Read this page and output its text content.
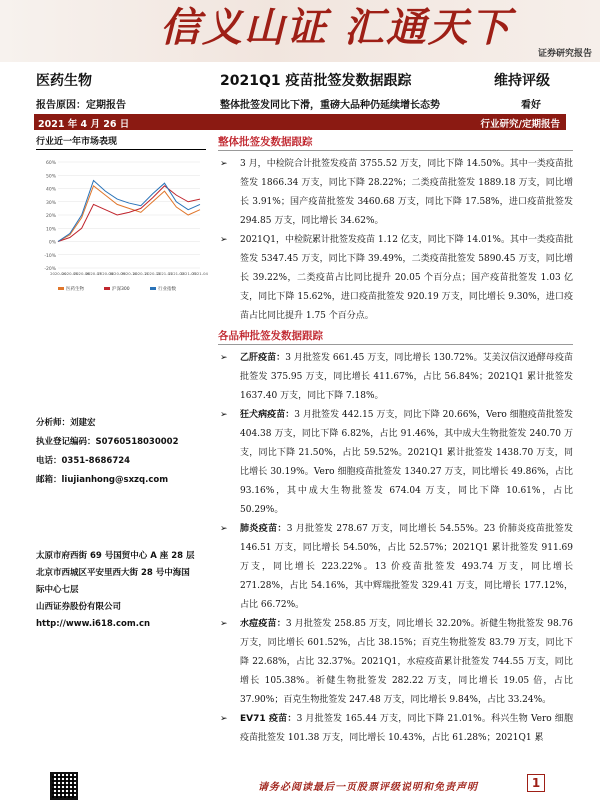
信义山证 汇通天下
证券研究报告
医药生物	2021Q1 疫苗批签发数据跟踪	维持评级
报告原因：定期报告	整体批签发同比下滑，重磅大品种仍延续增长态势	看好
2021 年 4 月 26 日	行业研究/定期报告
行业近一年市场表现
60%
50%
40%
30%
20%
10%
0%
-10%
-20%
2020-04
2020-05
2020-06
2020-07
2020-08
2020-09
2020-10
2020-11
2020-12
2021-01
2021-02
2021-03
2021-04
医药生物	沪深300	行业指数
分析师：刘建宏
执业登记编码：S0760518030002
电话：0351-8686724
邮箱：liujianhong@sxzq.com
太原市府西街 69 号国贸中心 A 座 28 层
北京市西城区平安里西大街 28 号中海国
际中心七层
山西证券股份有限公司
http://www.i618.com.cn
整体批签发数据跟踪
➢ 3 月，中检院合计批签发疫苗 3755.52 万支，同比下降 14.50%。其中一类疫苗批签发 1866.34 万支，同比下降 28.22%；二类疫苗批签发 1889.18 万支，同比增长 3.91%；国产疫苗批签发 3460.68 万支，同比下降 17.58%，进口疫苗批签发 294.85 万支，同比增长 34.62%。
➢ 2021Q1，中检院累计批签发疫苗 1.12 亿支，同比下降 14.01%。其中一类疫苗批签发 5347.45 万支，同比下降 39.49%，二类疫苗批签发 5890.45 万支，同比增长 39.22%，二类疫苗占比同比提升 20.05 个百分点；国产疫苗批签发 1.03 亿支，同比下降 15.62%，进口疫苗批签发 920.19 万支，同比增长 9.30%，进口疫苗占比同比提升 1.75 个百分点。
各品种批签发数据跟踪
➢ 乙肝疫苗：3 月批签发 661.45 万支，同比增长 130.72%。艾美汉信汉逊酵母疫苗批签发 375.95 万支，同比增长 411.67%，占比 56.84%；2021Q1 累计批签发 1637.40 万支，同比下降 7.18%。
➢ 狂犬病疫苗：3 月批签发 442.15 万支，同比下降 20.66%，Vero 细胞疫苗批签发 404.38 万支，同比下降 6.82%，占比 91.46%，其中成大生物批签发 240.70 万支，同比下降 21.50%，占比 59.52%。2021Q1 累计批签发 1438.70 万支，同比增长 30.19%。Vero 细胞疫苗批签发 1340.27 万支，同比增长 49.86%，占比 93.16%，其中成大生物批签发 674.04 万支，同比下降 10.61%，占比 50.29%。
➢ 肺炎疫苗：3 月批签发 278.67 万支，同比增长 54.55%。23 价肺炎疫苗批签发 146.51 万支，同比增长 54.50%，占比 52.57%；2021Q1 累计批签发 911.69 万支，同比增长 223.22%。13 价疫苗批签发 493.74 万支，同比增长 271.28%，占比 54.16%，其中辉瑞批签发 329.41 万支，同比增长 177.12%，占比 66.72%。
➢ 水痘疫苗：3 月批签发 258.85 万支，同比增长 32.20%。祈健生物批签发 98.76 万支，同比增长 601.52%，占比 38.15%；百克生物批签发 83.79 万支，同比下降 22.68%，占比 32.37%。2021Q1，水痘疫苗累计批签发 744.55 万支，同比增长 105.38%。祈健生物批签发 282.22 万支，同比增长 19.05 倍，占比 37.90%；百克生物批签发 247.48 万支，同比增长 9.84%，占比 33.24%。
➢ EV71 疫苗：3 月批签发 165.44 万支，同比下降 21.01%。科兴生物 Vero 细胞疫苗批签发 101.38 万支，同比增长 10.43%，占比 61.28%；2021Q1 累
请务必阅读最后一页股票评级说明和免责声明	1
